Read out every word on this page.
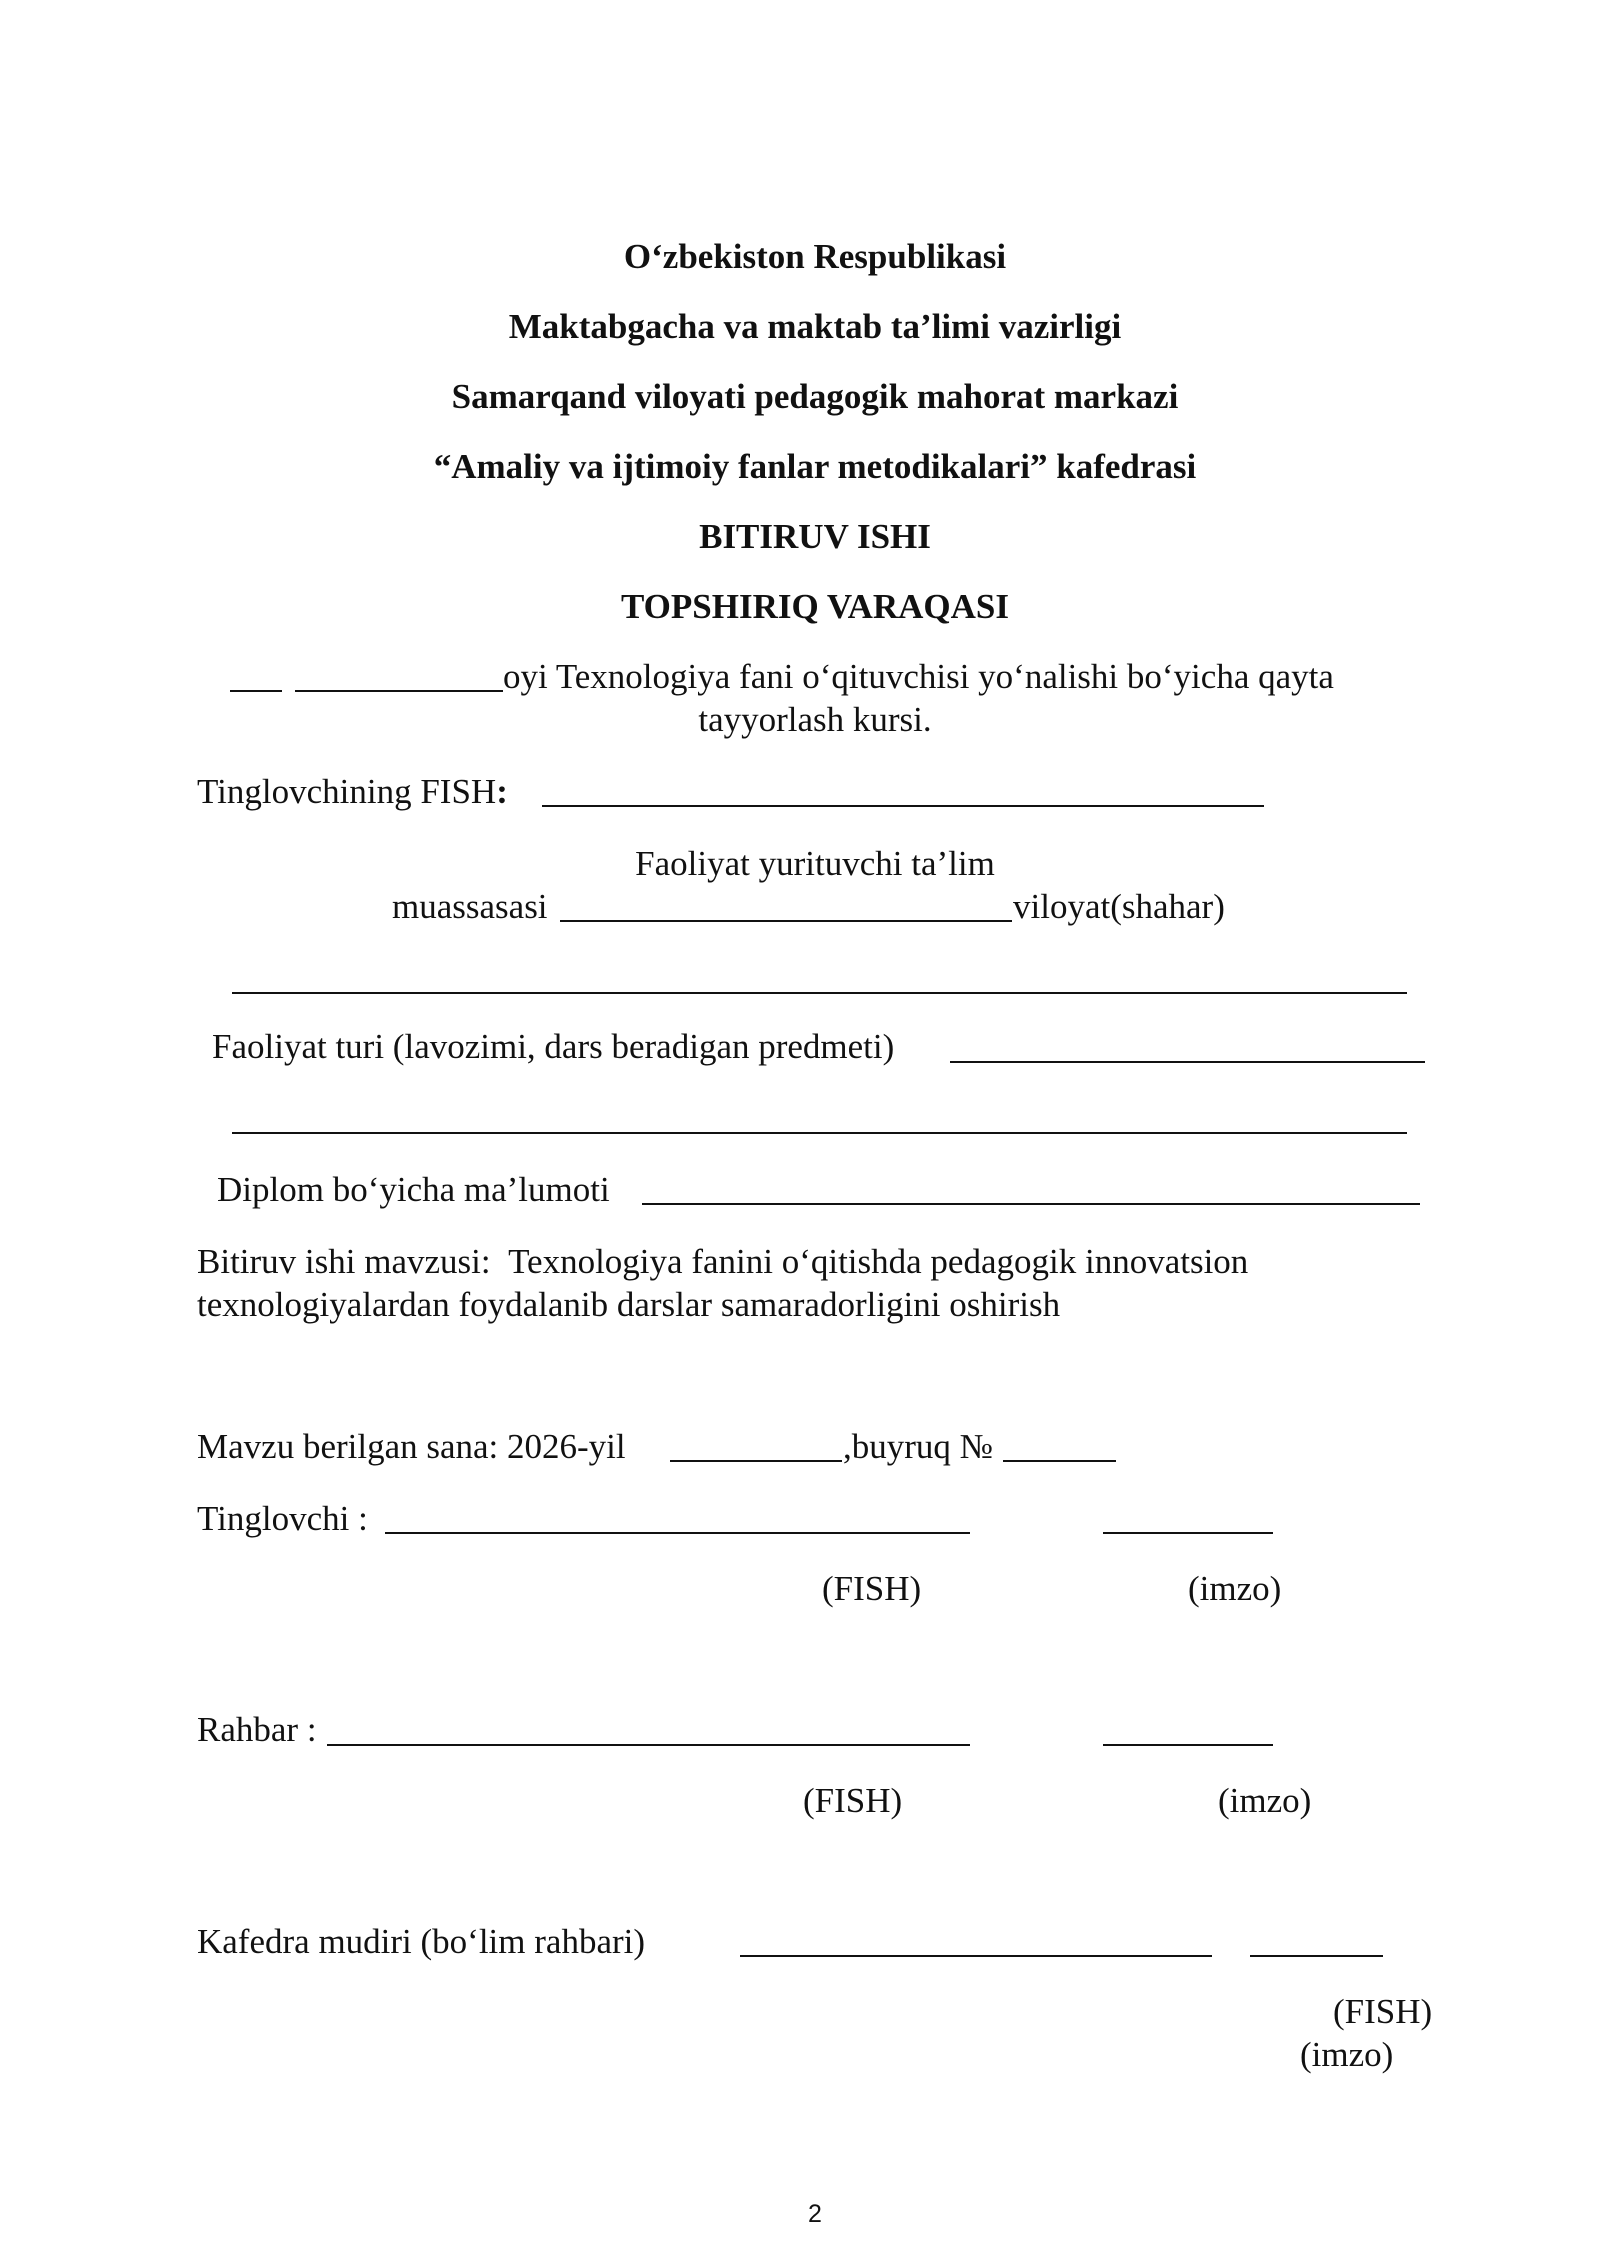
O‘zbekiston Respublikasi
Maktabgacha va maktab ta’limi vazirligi
Samarqand viloyati pedagogik mahorat markazi
“Amaliy va ijtimoiy fanlar metodikalari” kafedrasi
BITIRUV ISHI
TOPSHIRIQ VARAQASI
oyi Texnologiya fani o‘qituvchisi yo‘nalishi bo‘yicha qayta
tayyorlash kursi.
Tinglovchining FISH:
Faoliyat yurituvchi ta’lim
muassasasi	viloyat(shahar)
Faoliyat turi (lavozimi, dars beradigan predmeti)
Diplom bo‘yicha ma’lumoti
Bitiruv ishi mavzusi: Texnologiya fanini o‘qitishda pedagogik innovatsion
texnologiyalardan foydalanib darslar samaradorligini oshirish
Mavzu berilgan sana: 2026-yil	,buyruq №
Tinglovchi :
(FISH)	(imzo)
Rahbar :
(FISH)	(imzo)
Kafedra mudiri (bo‘lim rahbari)
(FISH)
(imzo)
2
